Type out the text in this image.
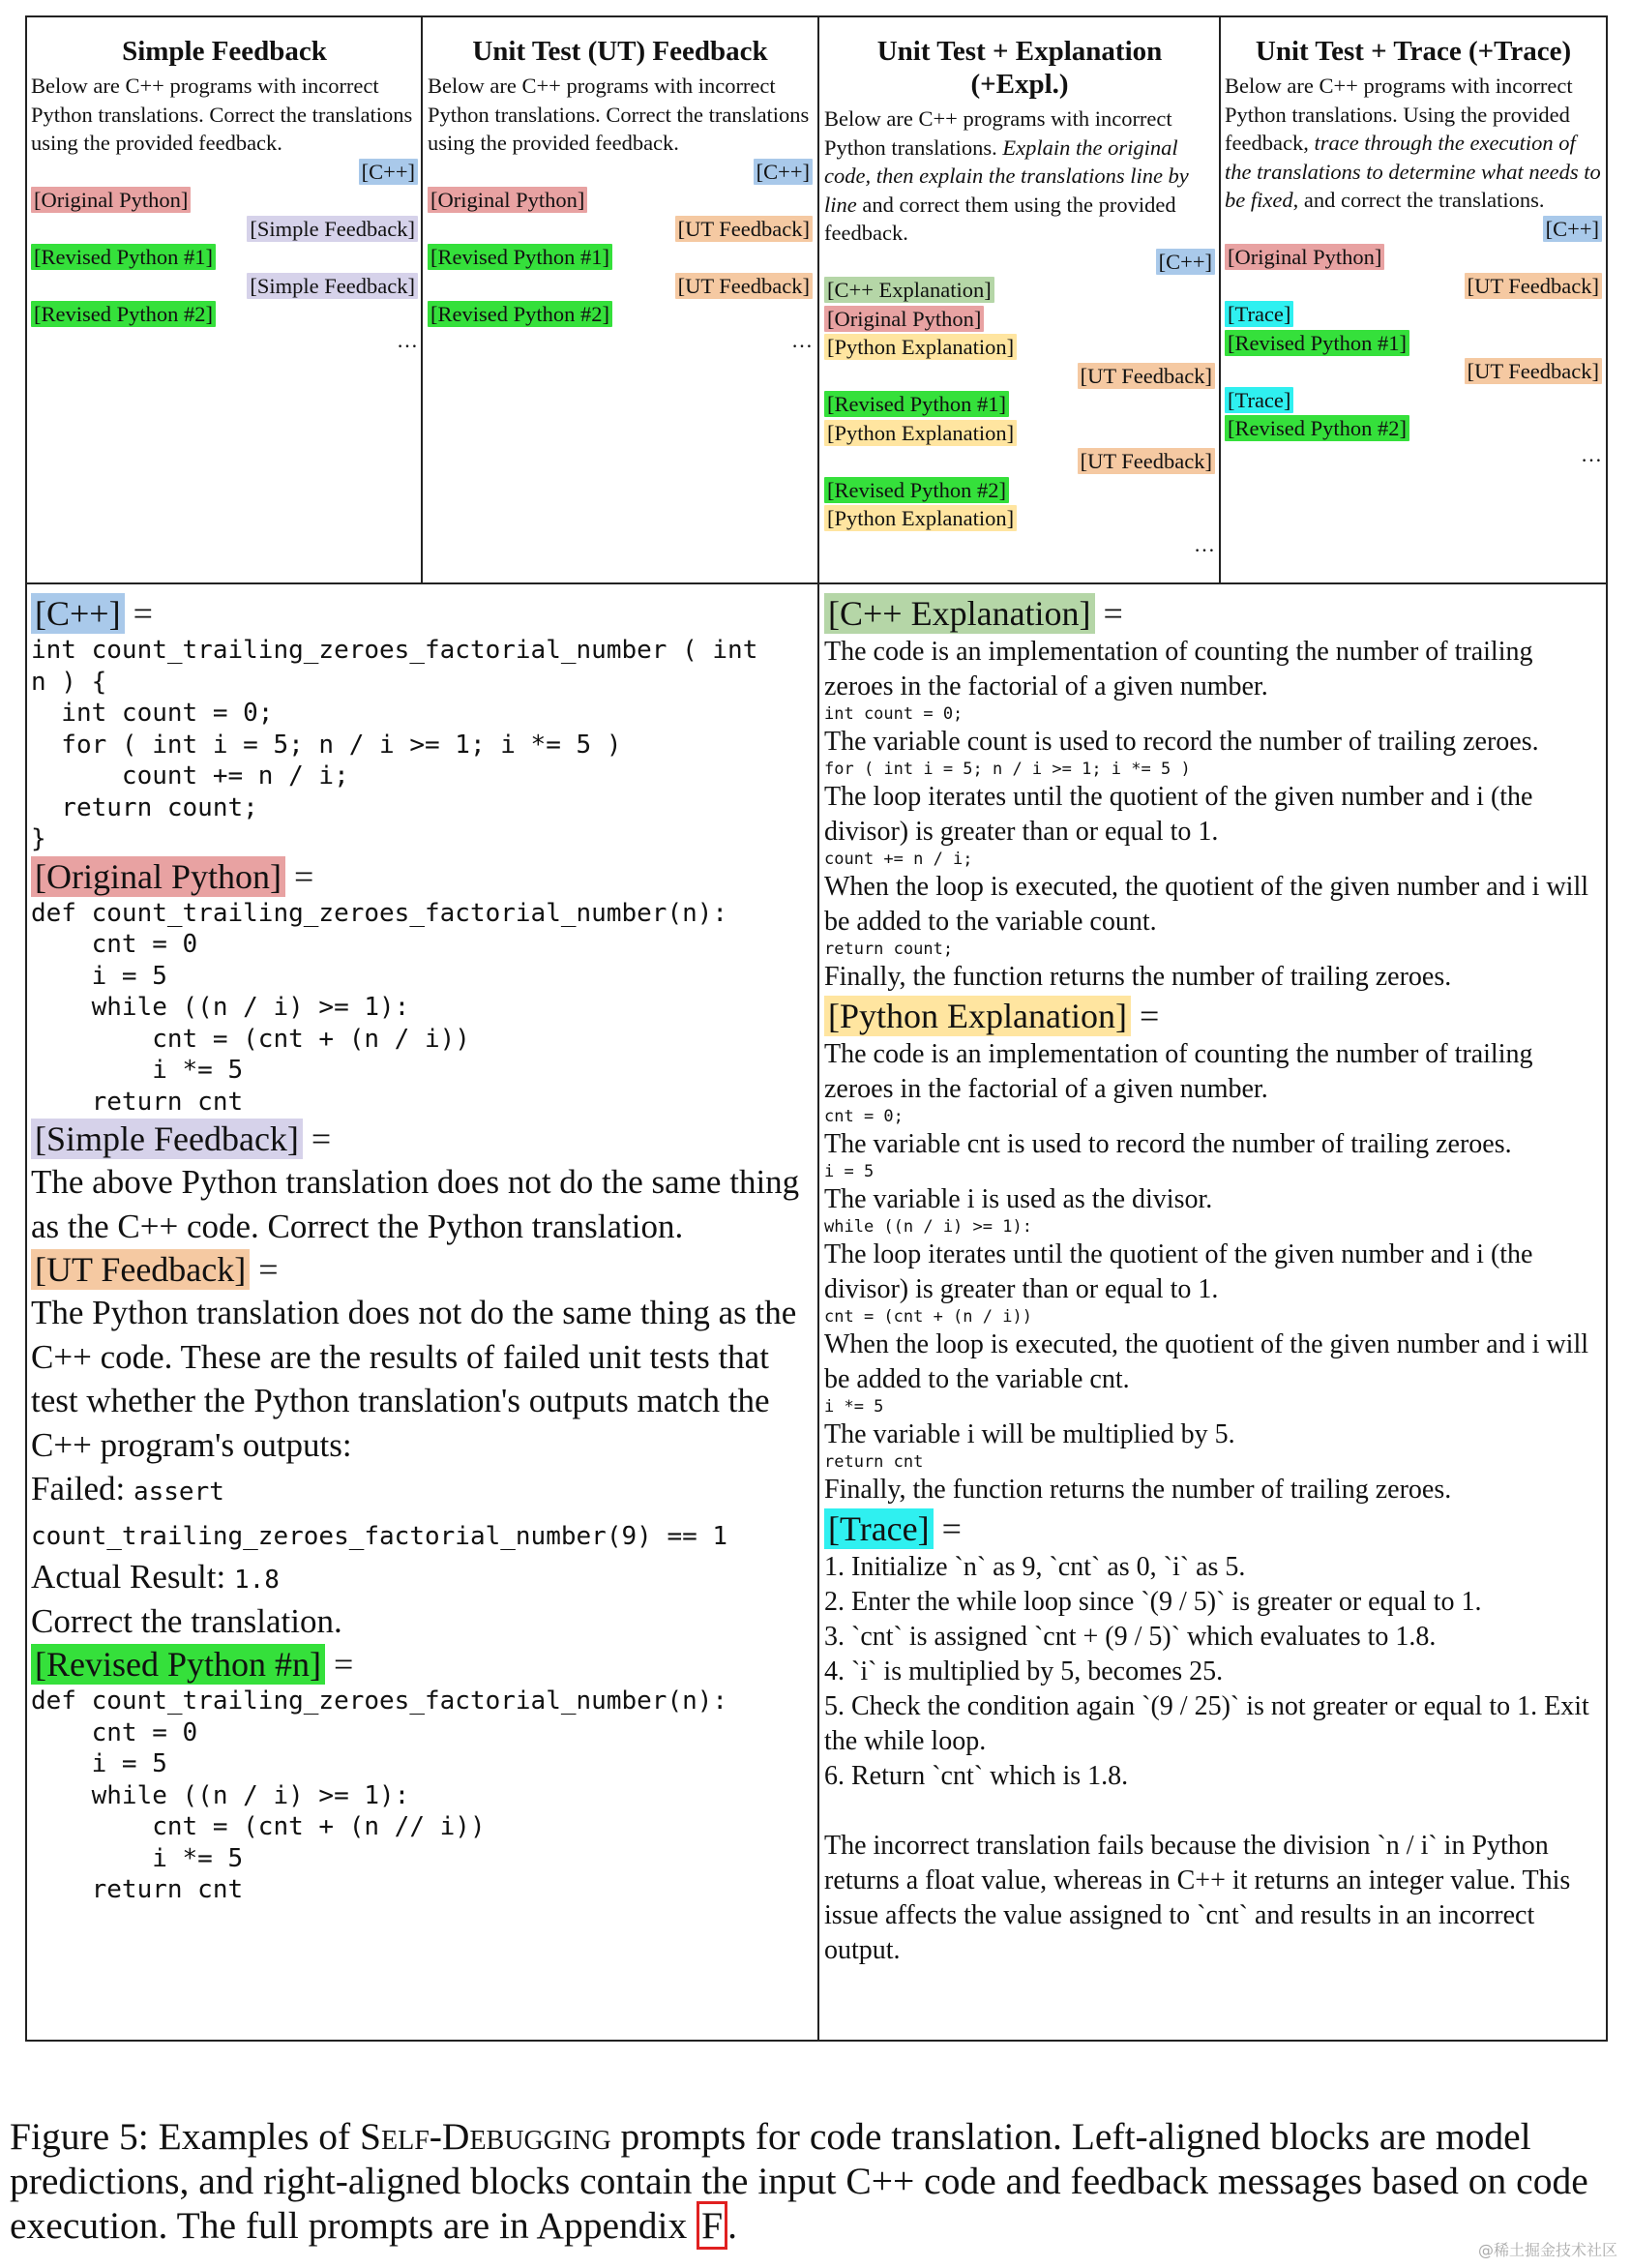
Simple Feedback
Below are C++ programs with incorrect Python translations. Correct the translations using the provided feedback.
[C++]
[Original Python]
[Simple Feedback]
[Revised Python #1]
[Simple Feedback]
[Revised Python #2]
…
Unit Test (UT) Feedback
Below are C++ programs with incorrect Python translations. Correct the translations using the provided feedback.
[C++]
[Original Python]
[UT Feedback]
[Revised Python #1]
[UT Feedback]
[Revised Python #2]
…
Unit Test + Explanation
(+Expl.)
Below are C++ programs with incorrect Python translations. Explain the original code, then explain the translations line by line and correct them using the provided feedback.
[C++]
[C++ Explanation]
[Original Python]
[Python Explanation]
[UT Feedback]
[Revised Python #1]
[Python Explanation]
[UT Feedback]
[Revised Python #2]
[Python Explanation]
…
Unit Test + Trace (+Trace)
Below are C++ programs with incorrect Python translations. Using the provided feedback, trace through the execution of the translations to determine what needs to be fixed, and correct the translations.
[C++]
[Original Python]
[UT Feedback]
[Trace]
[Revised Python #1]
[UT Feedback]
[Trace]
[Revised Python #2]
…
[C++] =
int count_trailing_zeroes_factorial_number ( int
n ) {
int count = 0;
for ( int i = 5; n / i >= 1; i *= 5 )
count += n / i;
return count;
}
[Original Python] =
def count_trailing_zeroes_factorial_number(n):
cnt = 0
i = 5
while ((n / i) >= 1):
cnt = (cnt + (n / i))
i *= 5
return cnt
[Simple Feedback] =
The above Python translation does not do the same thing as the C++ code. Correct the Python translation.
[UT Feedback] =
The Python translation does not do the same thing as the C++ code. These are the results of failed unit tests that test whether the Python translation's outputs match the C++ program's outputs:
Failed: assert
count_trailing_zeroes_factorial_number(9) == 1
Actual Result: 1.8
Correct the translation.
[Revised Python #n] =
def count_trailing_zeroes_factorial_number(n):
cnt = 0
i = 5
while ((n / i) >= 1):
cnt = (cnt + (n // i))
i *= 5
return cnt
[C++ Explanation] =
The code is an implementation of counting the number of trailing zeroes in the factorial of a given number.
int count = 0;
The variable count is used to record the number of trailing zeroes.
for ( int i = 5; n / i >= 1; i *= 5 )
The loop iterates until the quotient of the given number and i (the divisor) is greater than or equal to 1.
count += n / i;
When the loop is executed, the quotient of the given number and i will be added to the variable count.
return count;
Finally, the function returns the number of trailing zeroes.
[Python Explanation] =
The code is an implementation of counting the number of trailing zeroes in the factorial of a given number.
cnt = 0;
The variable cnt is used to record the number of trailing zeroes.
i = 5
The variable i is used as the divisor.
while ((n / i) >= 1):
The loop iterates until the quotient of the given number and i (the divisor) is greater than or equal to 1.
cnt = (cnt + (n / i))
When the loop is executed, the quotient of the given number and i will be added to the variable cnt.
i *= 5
The variable i will be multiplied by 5.
return cnt
Finally, the function returns the number of trailing zeroes.
[Trace] =
1. Initialize `n` as 9, `cnt` as 0, `i` as 5.
2. Enter the while loop since `(9 / 5)` is greater or equal to 1.
3. `cnt` is assigned `cnt + (9 / 5)` which evaluates to 1.8.
4. `i` is multiplied by 5, becomes 25.
5. Check the condition again `(9 / 25)` is not greater or equal to 1. Exit the while loop.
6. Return `cnt` which is 1.8.
The incorrect translation fails because the division `n / i` in Python returns a float value, whereas in C++ it returns an integer value. This issue affects the value assigned to `cnt` and results in an incorrect output.
Figure 5: Examples of Self-Debugging prompts for code translation. Left-aligned blocks are model predictions, and right-aligned blocks contain the input C++ code and feedback messages based on code execution. The full prompts are in Appendix F .
@稀土掘金技术社区
